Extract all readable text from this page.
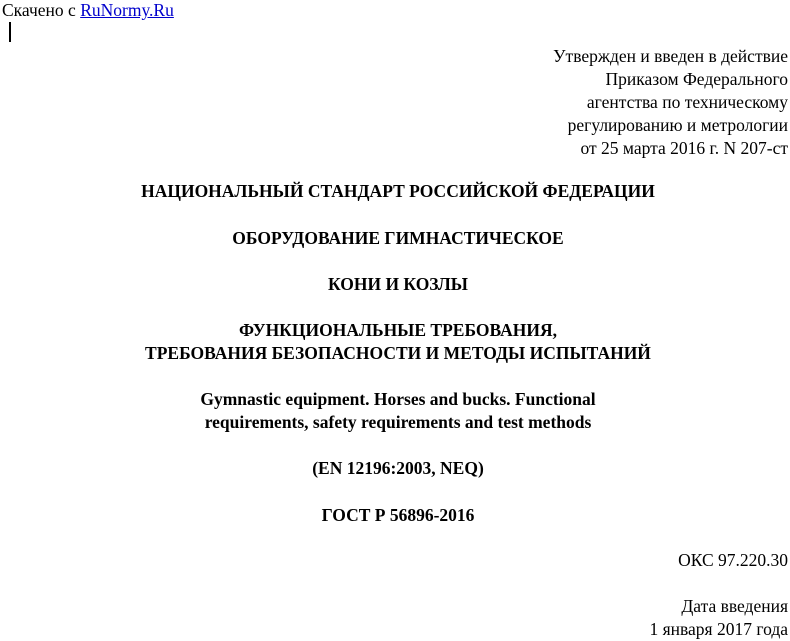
Скачено с RuNormy.Ru
Утвержден и введен в действие
Приказом Федерального
агентства по техническому
регулированию и метрологии
от 25 марта 2016 г. N 207-ст
НАЦИОНАЛЬНЫЙ СТАНДАРТ РОССИЙСКОЙ ФЕДЕРАЦИИ
ОБОРУДОВАНИЕ ГИМНАСТИЧЕСКОЕ
КОНИ И КОЗЛЫ
ФУНКЦИОНАЛЬНЫЕ ТРЕБОВАНИЯ,
ТРЕБОВАНИЯ БЕЗОПАСНОСТИ И МЕТОДЫ ИСПЫТАНИЙ
Gymnastic equipment. Horses and bucks. Functional
requirements, safety requirements and test methods
(EN 12196:2003, NEQ)
ГОСТ Р 56896-2016
ОКС 97.220.30
Дата введения
1 января 2017 года
